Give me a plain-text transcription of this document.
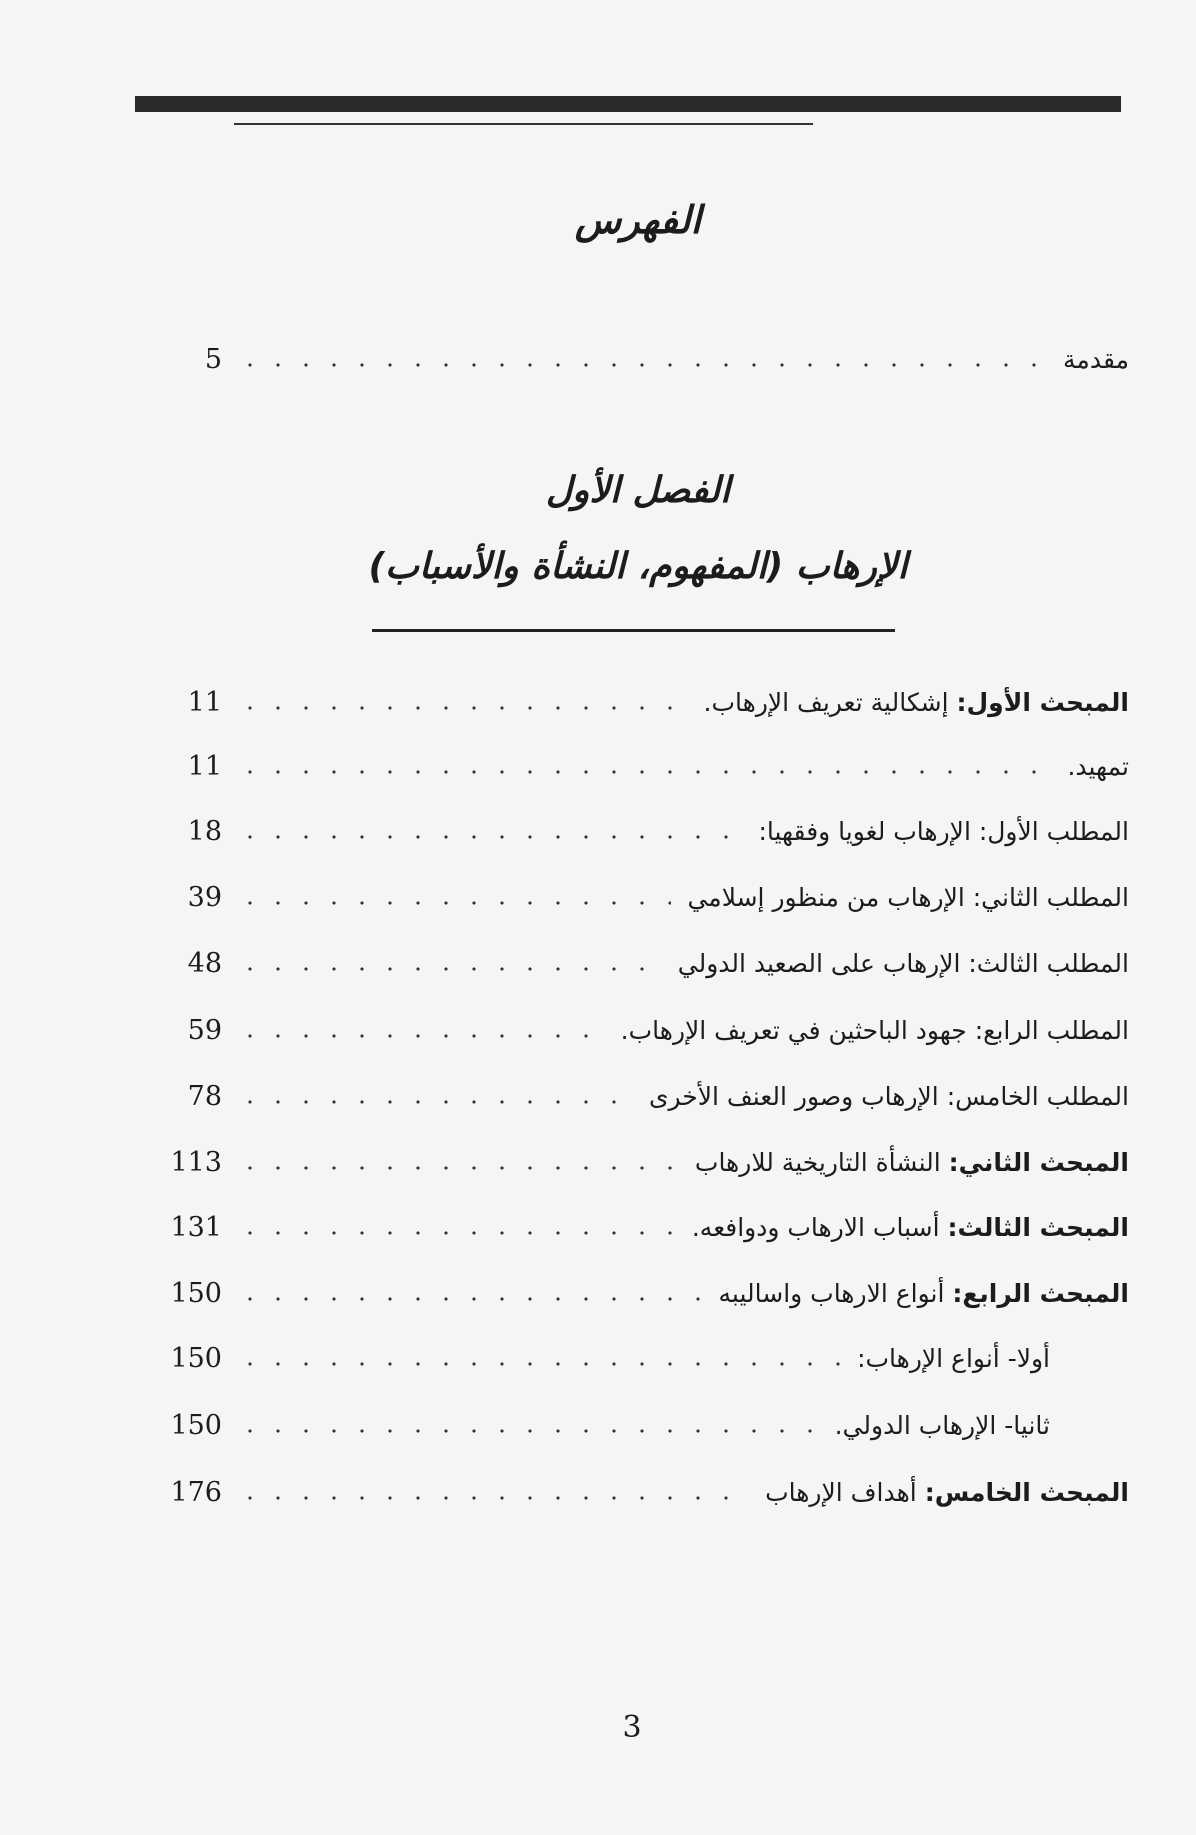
الفهرس
مقدمة
5
الفصل الأول
الإرهاب (المفهوم، النشأة والأسباب)
المبحث الأول: إشكالية تعريف الإرهاب.
11
تمهيد.
11
المطلب الأول: الإرهاب لغويا وفقهيا:
18
المطلب الثاني: الإرهاب من منظور إسلامي
39
المطلب الثالث: الإرهاب على الصعيد الدولي
48
المطلب الرابع: جهود الباحثين في تعريف الإرهاب.
59
المطلب الخامس: الإرهاب وصور العنف الأخرى
78
المبحث الثاني: النشأة التاريخية للارهاب
113
المبحث الثالث: أسباب الارهاب ودوافعه.
131
المبحث الرابع: أنواع الارهاب واساليبه
150
أولا- أنواع الإرهاب:
150
ثانيا- الإرهاب الدولي.
150
المبحث الخامس: أهداف الإرهاب
176
3
